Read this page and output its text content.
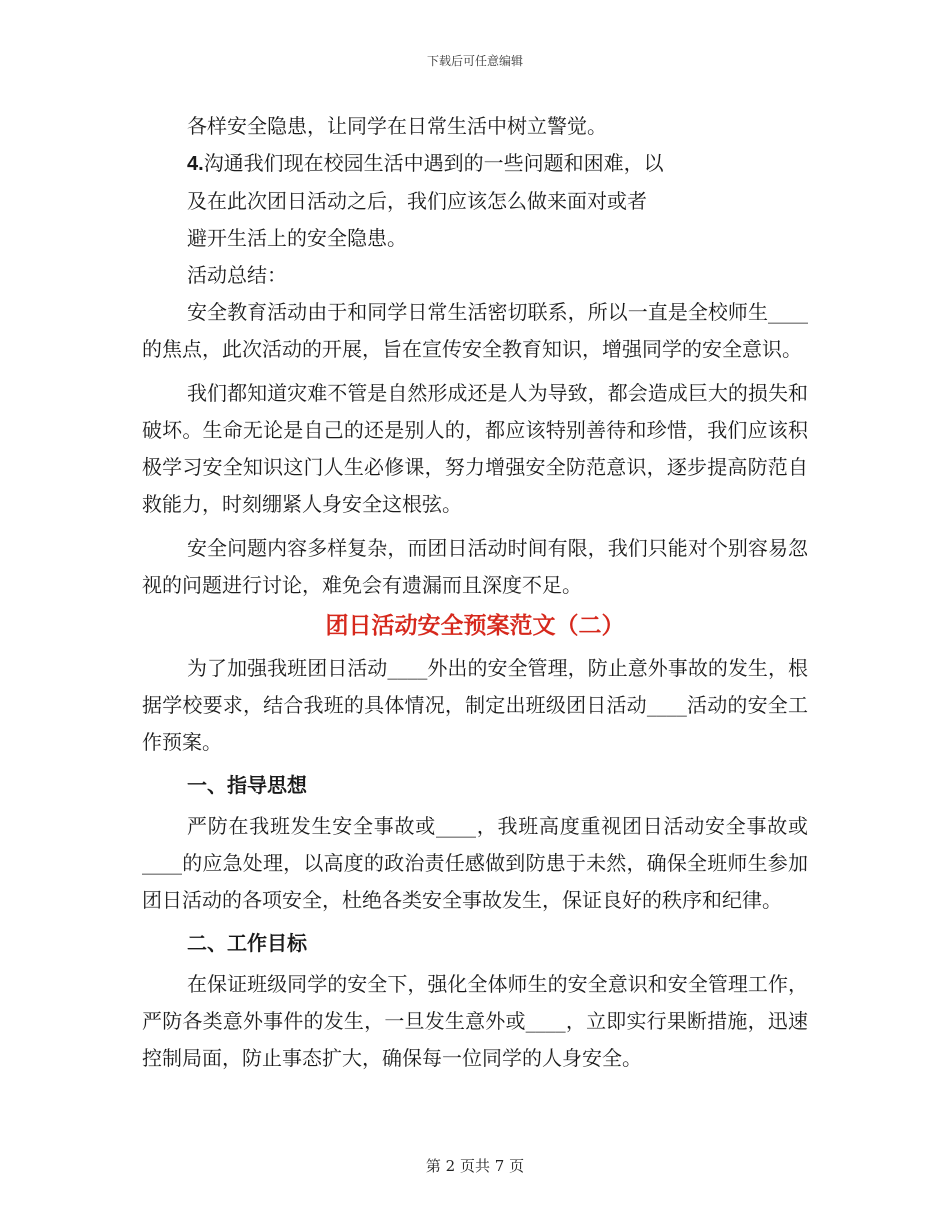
下载后可任意编辑

各样安全隐患，让同学在日常生活中树立警觉。

4.沟通我们现在校园生活中遇到的一些问题和困难，以

及在此次团日活动之后，我们应该怎么做来面对或者

避开生活上的安全隐患。

活动总结：

安全教育活动由于和同学日常生活密切联系，所以一直是全校师生____的焦点，此次活动的开展，旨在宣传安全教育知识，增强同学的安全意识。

我们都知道灾难不管是自然形成还是人为导致，都会造成巨大的损失和破坏。生命无论是自己的还是别人的，都应该特别善待和珍惜，我们应该积极学习安全知识这门人生必修课，努力增强安全防范意识，逐步提高防范自救能力，时刻绷紧人身安全这根弦。

安全问题内容多样复杂，而团日活动时间有限，我们只能对个别容易忽视的问题进行讨论，难免会有遗漏而且深度不足。

团日活动安全预案范文（二）

为了加强我班团日活动____外出的安全管理，防止意外事故的发生，根据学校要求，结合我班的具体情况，制定出班级团日活动____活动的安全工作预案。

一、指导思想

严防在我班发生安全事故或____，我班高度重视团日活动安全事故或____的应急处理，以高度的政治责任感做到防患于未然，确保全班师生参加团日活动的各项安全，杜绝各类安全事故发生，保证良好的秩序和纪律。

二、工作目标

在保证班级同学的安全下，强化全体师生的安全意识和安全管理工作，严防各类意外事件的发生，一旦发生意外或____，立即实行果断措施，迅速控制局面，防止事态扩大，确保每一位同学的人身安全。

第 2 页共 7 页
